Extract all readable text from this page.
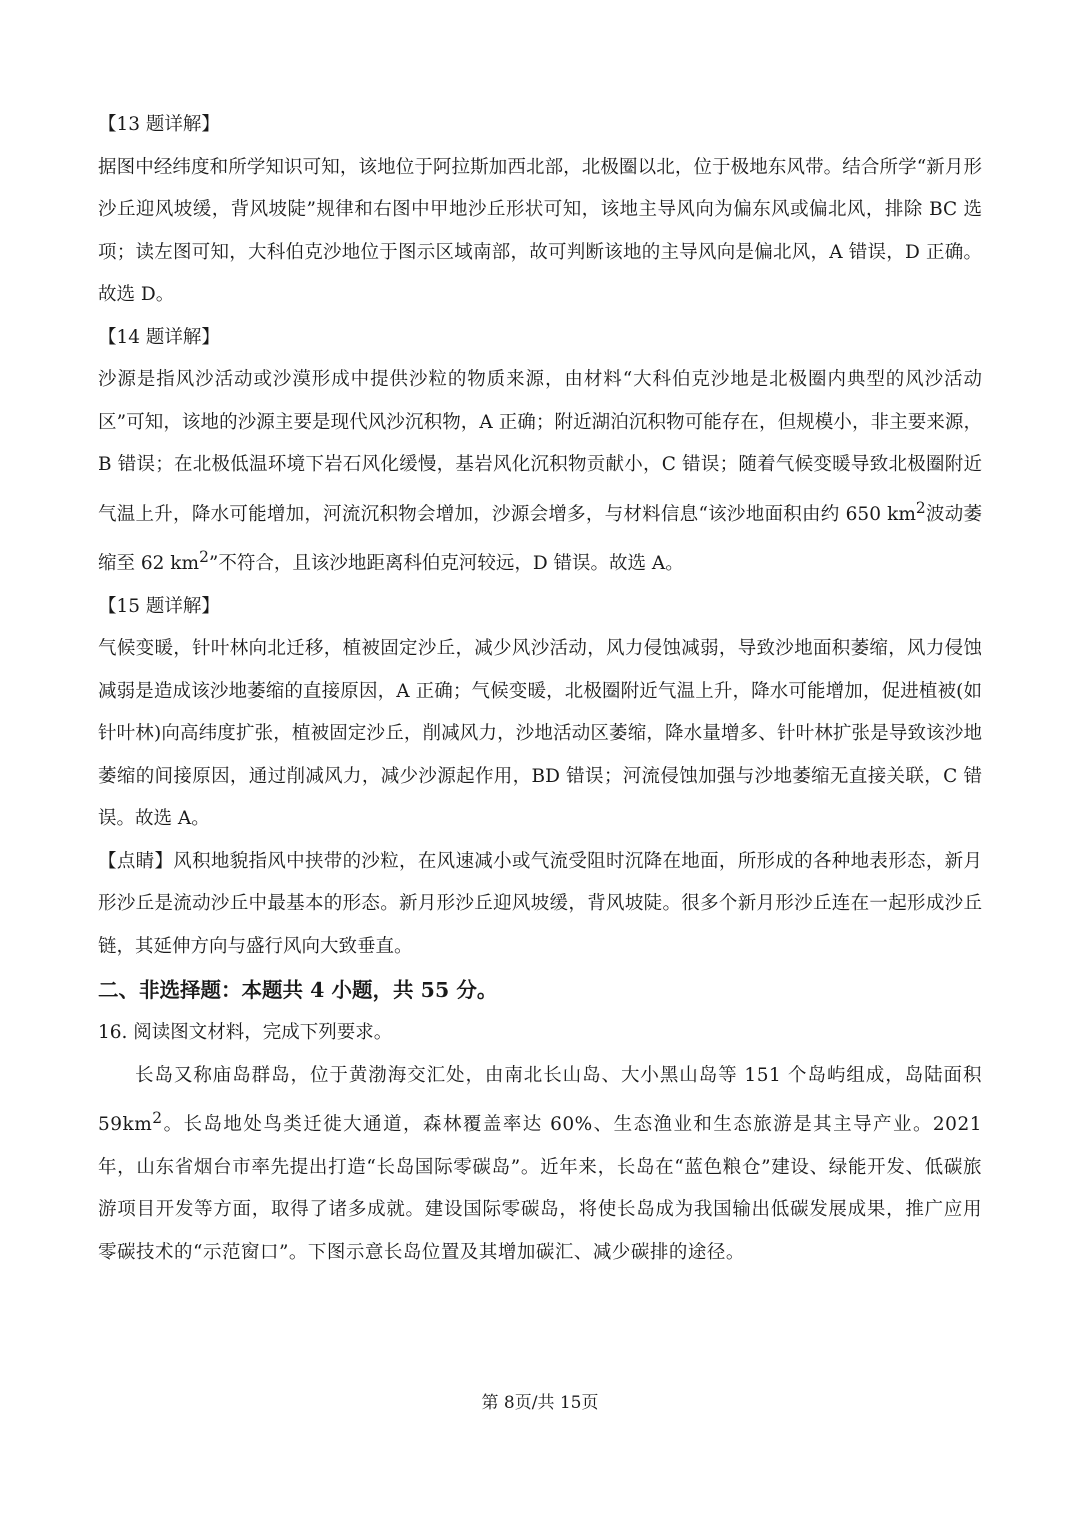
【13 题详解】

据图中经纬度和所学知识可知，该地位于阿拉斯加西北部，北极圈以北，位于极地东风带。结合所学“新月形沙丘迎风坡缓，背风坡陡”规律和右图中甲地沙丘形状可知，该地主导风向为偏东风或偏北风，排除 BC 选项；读左图可知，大科伯克沙地位于图示区域南部，故可判断该地的主导风向是偏北风，A 错误，D 正确。故选 D。

【14 题详解】

沙源是指风沙活动或沙漠形成中提供沙粒的物质来源，由材料“大科伯克沙地是北极圈内典型的风沙活动区”可知，该地的沙源主要是现代风沙沉积物，A 正确；附近湖泊沉积物可能存在，但规模小，非主要来源，B 错误；在北极低温环境下岩石风化缓慢，基岩风化沉积物贡献小，C 错误；随着气候变暖导致北极圈附近气温上升，降水可能增加，河流沉积物会增加，沙源会增多，与材料信息“该沙地面积由约 650 $km^2$波动萎缩至 62 $km^2$”不符合，且该沙地距离科伯克河较远，D 错误。故选 A。

【15 题详解】

气候变暖，针叶林向北迁移，植被固定沙丘，减少风沙活动，风力侵蚀减弱，导致沙地面积萎缩，风力侵蚀减弱是造成该沙地萎缩的直接原因，A 正确；气候变暖，北极圈附近气温上升，降水可能增加，促进植被(如针叶林)向高纬度扩张，植被固定沙丘，削减风力，沙地活动区萎缩，降水量增多、针叶林扩张是导致该沙地萎缩的间接原因，通过削减风力，减少沙源起作用，BD 错误；河流侵蚀加强与沙地萎缩无直接关联，C 错误。故选 A。

【点睛】风积地貌指风中挟带的沙粒，在风速减小或气流受阻时沉降在地面，所形成的各种地表形态，新月形沙丘是流动沙丘中最基本的形态。新月形沙丘迎风坡缓，背风坡陡。很多个新月形沙丘连在一起形成沙丘链，其延伸方向与盛行风向大致垂直。

二、非选择题：本题共 4 小题，共 55 分。

16. 阅读图文材料，完成下列要求。

长岛又称庙岛群岛，位于黄渤海交汇处，由南北长山岛、大小黑山岛等 151 个岛屿组成，岛陆面积 $59km^2$。长岛地处鸟类迁徙大通道，森林覆盖率达 60%、生态渔业和生态旅游是其主导产业。2021 年，山东省烟台市率先提出打造“长岛国际零碳岛”。近年来，长岛在“蓝色粮仓”建设、绿能开发、低碳旅游项目开发等方面，取得了诸多成就。建设国际零碳岛，将使长岛成为我国输出低碳发展成果，推广应用零碳技术的“示范窗口”。下图示意长岛位置及其增加碳汇、减少碳排的途径。

第 8页/共 15页
